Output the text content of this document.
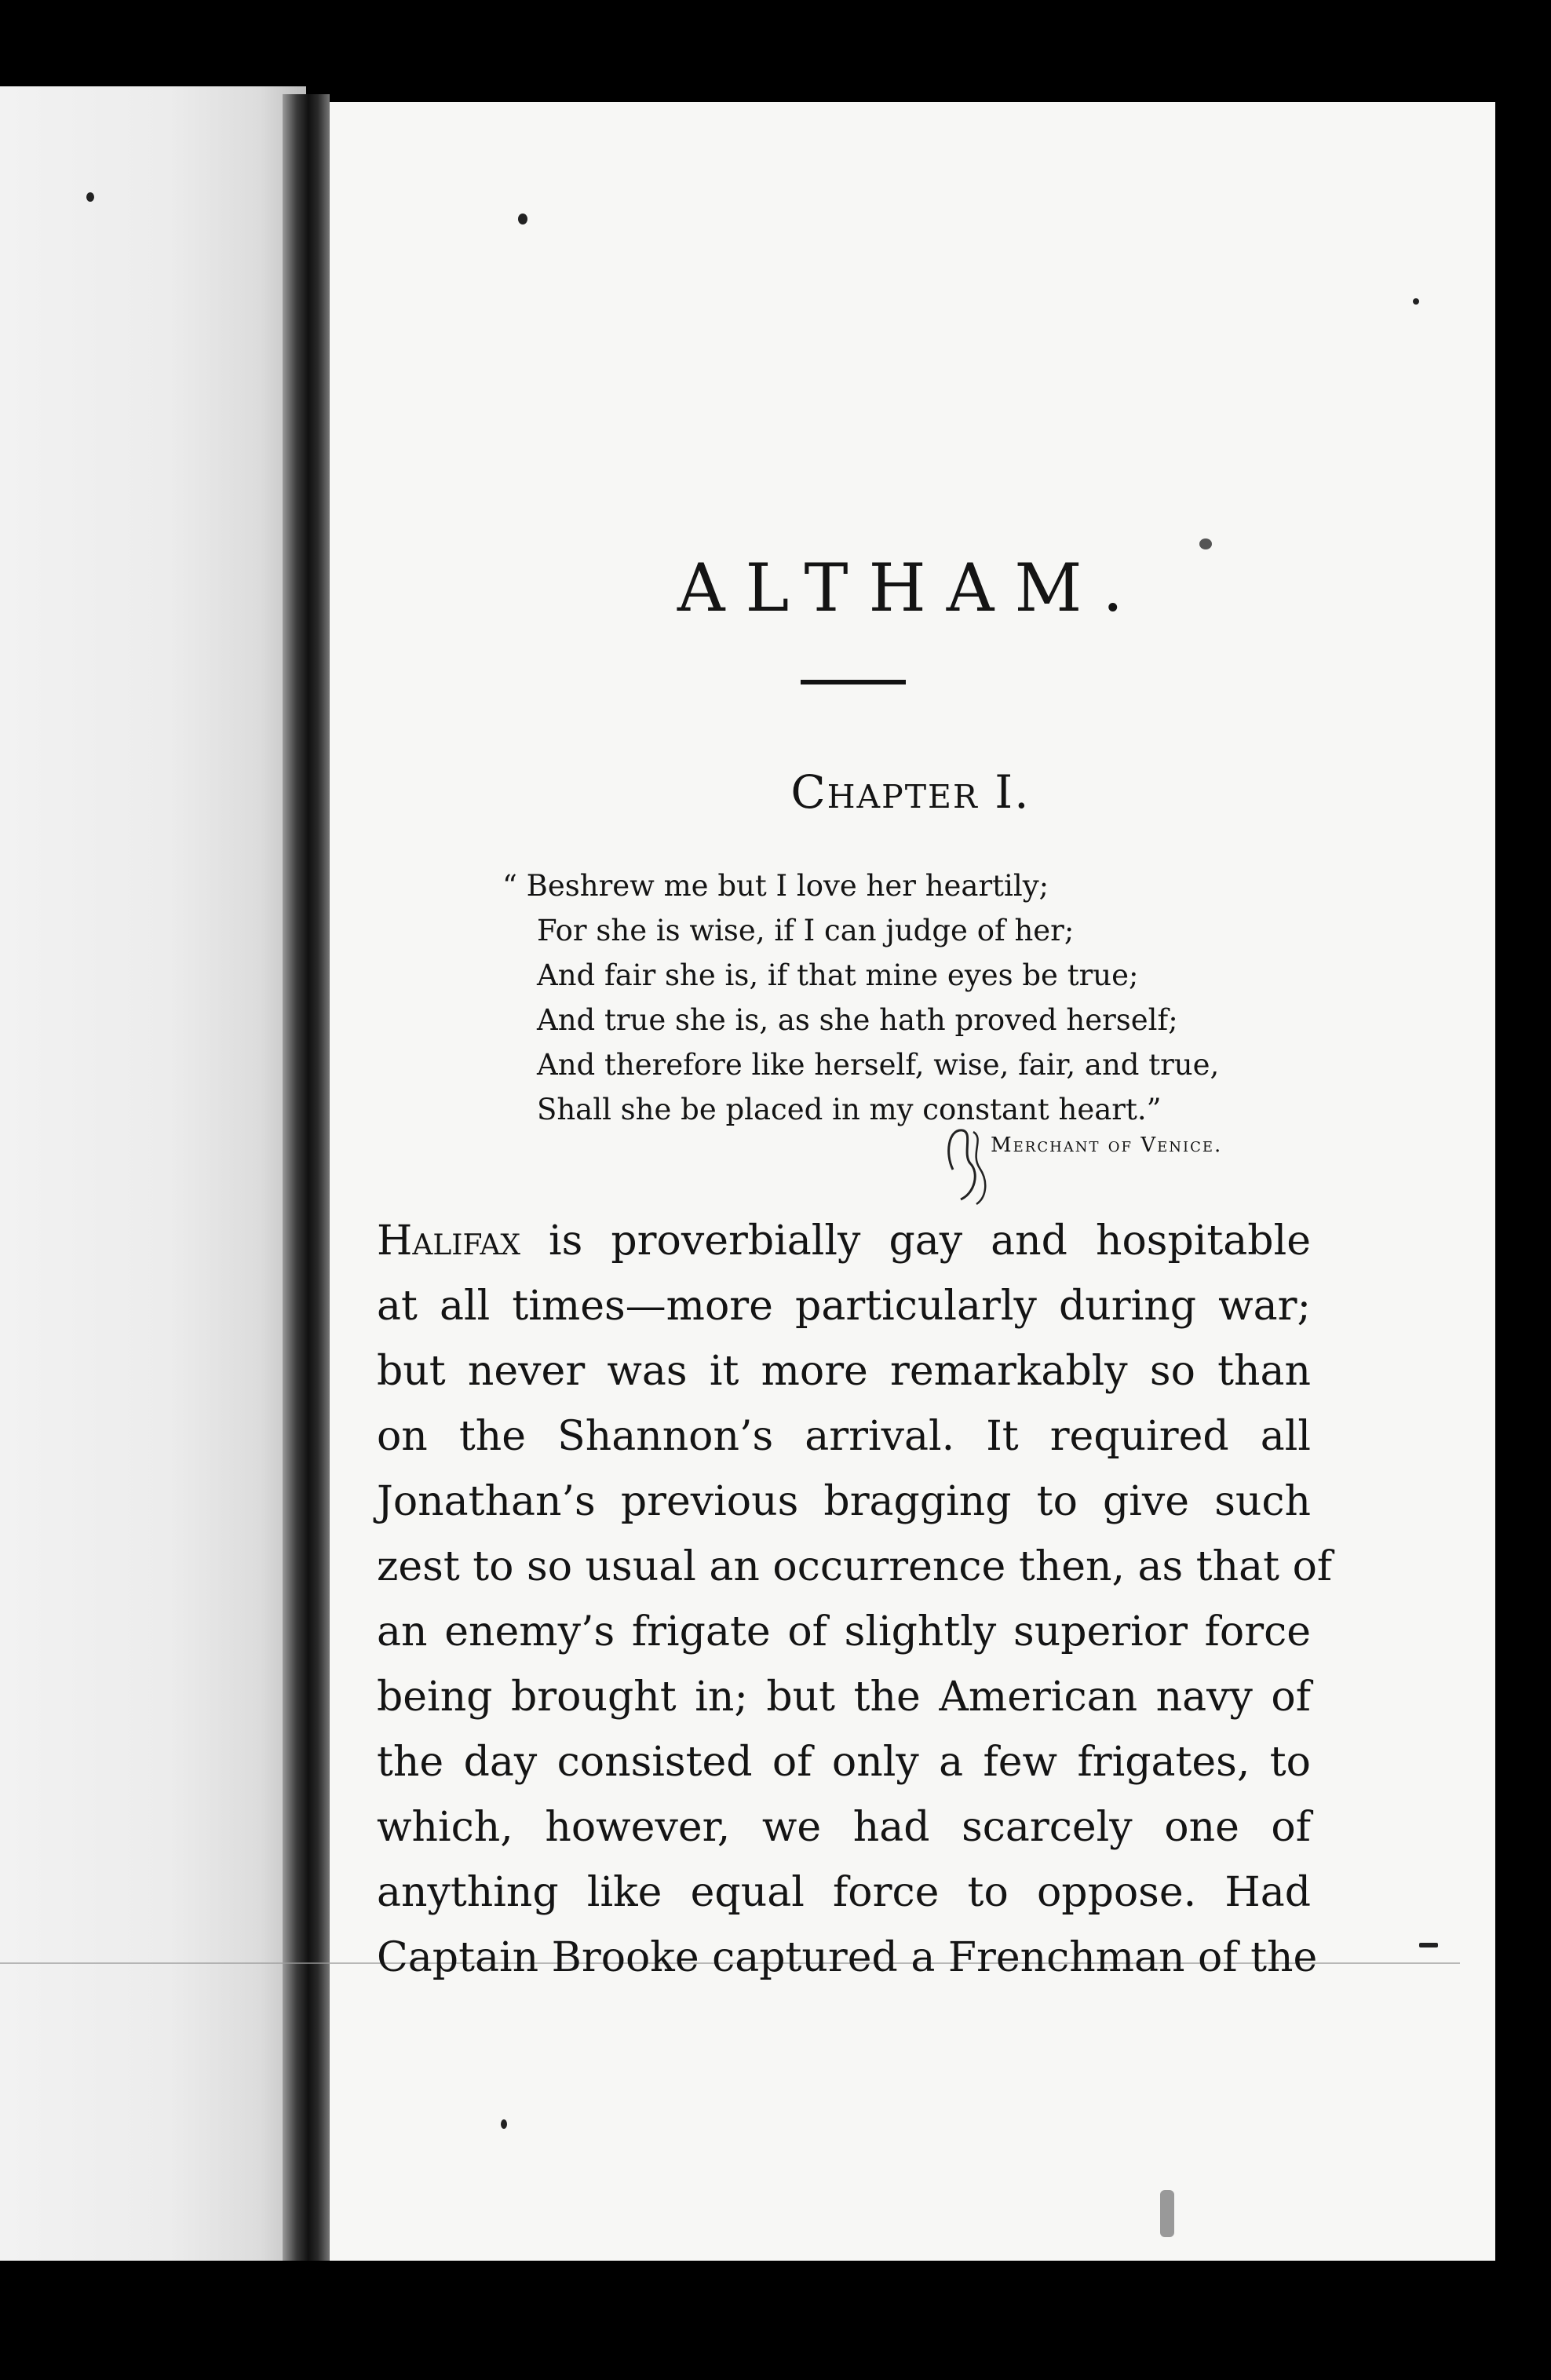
ALTHAM.
Chapter I.
“ Beshrew me but I love her heartily;
For she is wise, if I can judge of her;
And fair she is, if that mine eyes be true;
And true she is, as she hath proved herself;
And therefore like herself, wise, fair, and true,
Shall she be placed in my constant heart.”
Merchant of Venice.
Halifax is proverbially gay and hospitable
at all times—more particularly during war;
but never was it more remarkably so than
on the Shannon’s arrival. It required all
Jonathan’s previous bragging to give such
zest to so usual an occurrence then, as that of
an enemy’s frigate of slightly superior force
being brought in; but the American navy of
the day consisted of only a few frigates, to
which, however, we had scarcely one of
anything like equal force to oppose. Had
Captain Brooke captured a Frenchman of the
